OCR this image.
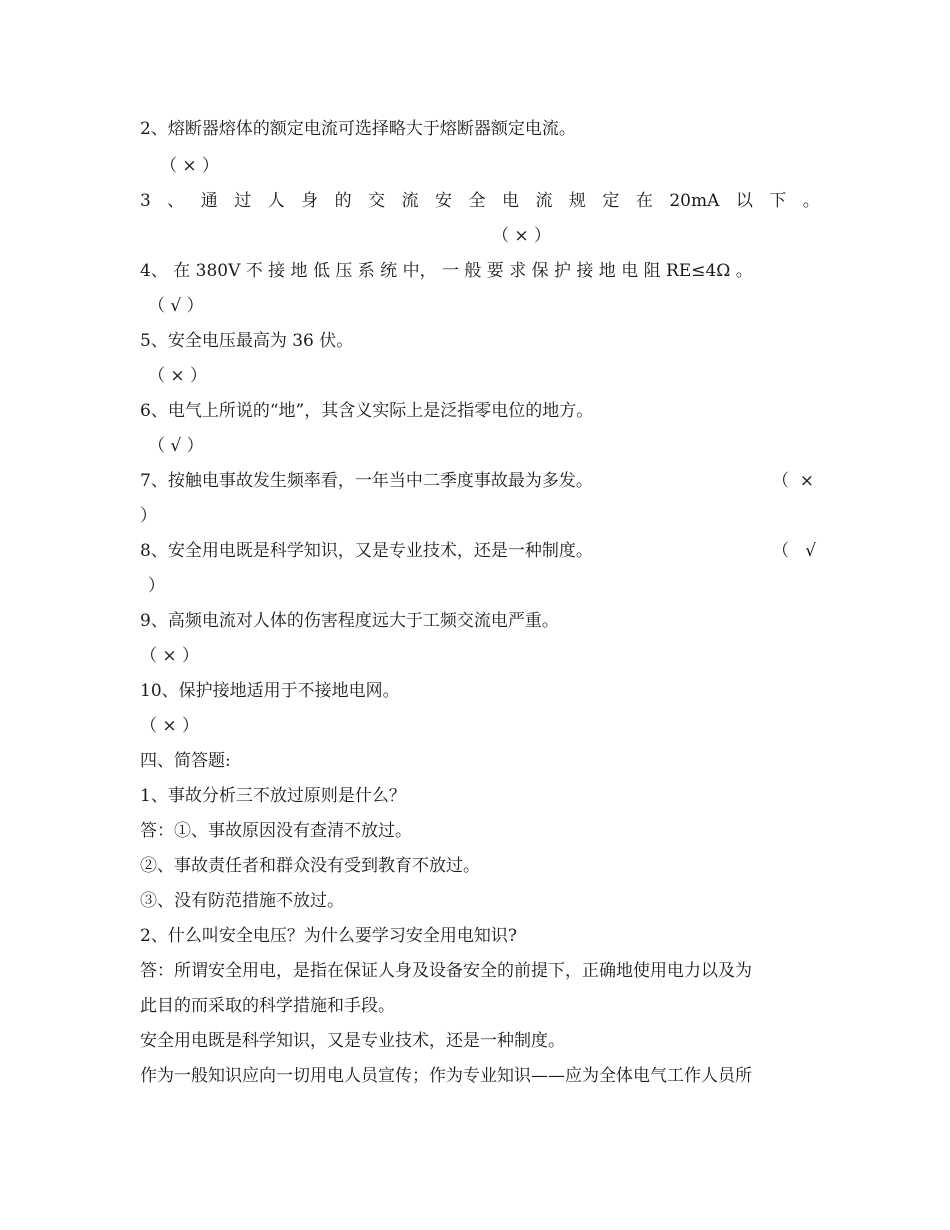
2、熔断器熔体的额定电流可选择略大于熔断器额定电流。
（ × ）
3 、 通 过 人 身 的 交 流 安 全 电 流 规 定 在 20mA 以 下 。
（ × ）
4、 在 380V 不 接 地 低 压 系 统 中， 一 般 要 求 保 护 接 地 电 阻 RE≤4Ω 。
（ √ ）
5、安全电压最高为 36 伏。
（ × ）
6、电气上所说的“地”，其含义实际上是泛指零电位的地方。
（ √ ）
7、按触电事故发生频率看，一年当中二季度事故最为多发。	（  ×
）
8、安全用电既是科学知识，又是专业技术，还是一种制度。	（   √
）
9、高频电流对人体的伤害程度远大于工频交流电严重。
（ × ）
10、保护接地适用于不接地电网。
（ × ）
四、简答题:
1、事故分析三不放过原则是什么？
答：①、事故原因没有查清不放过。
②、事故责任者和群众没有受到教育不放过。
③、没有防范措施不放过。
2、什么叫安全电压？为什么要学习安全用电知识?
答：所谓安全用电，是指在保证人身及设备安全的前提下，正确地使用电力以及为
此目的而采取的科学措施和手段。
安全用电既是科学知识，又是专业技术，还是一种制度。
作为一般知识应向一切用电人员宣传；作为专业知识——应为全体电气工作人员所
